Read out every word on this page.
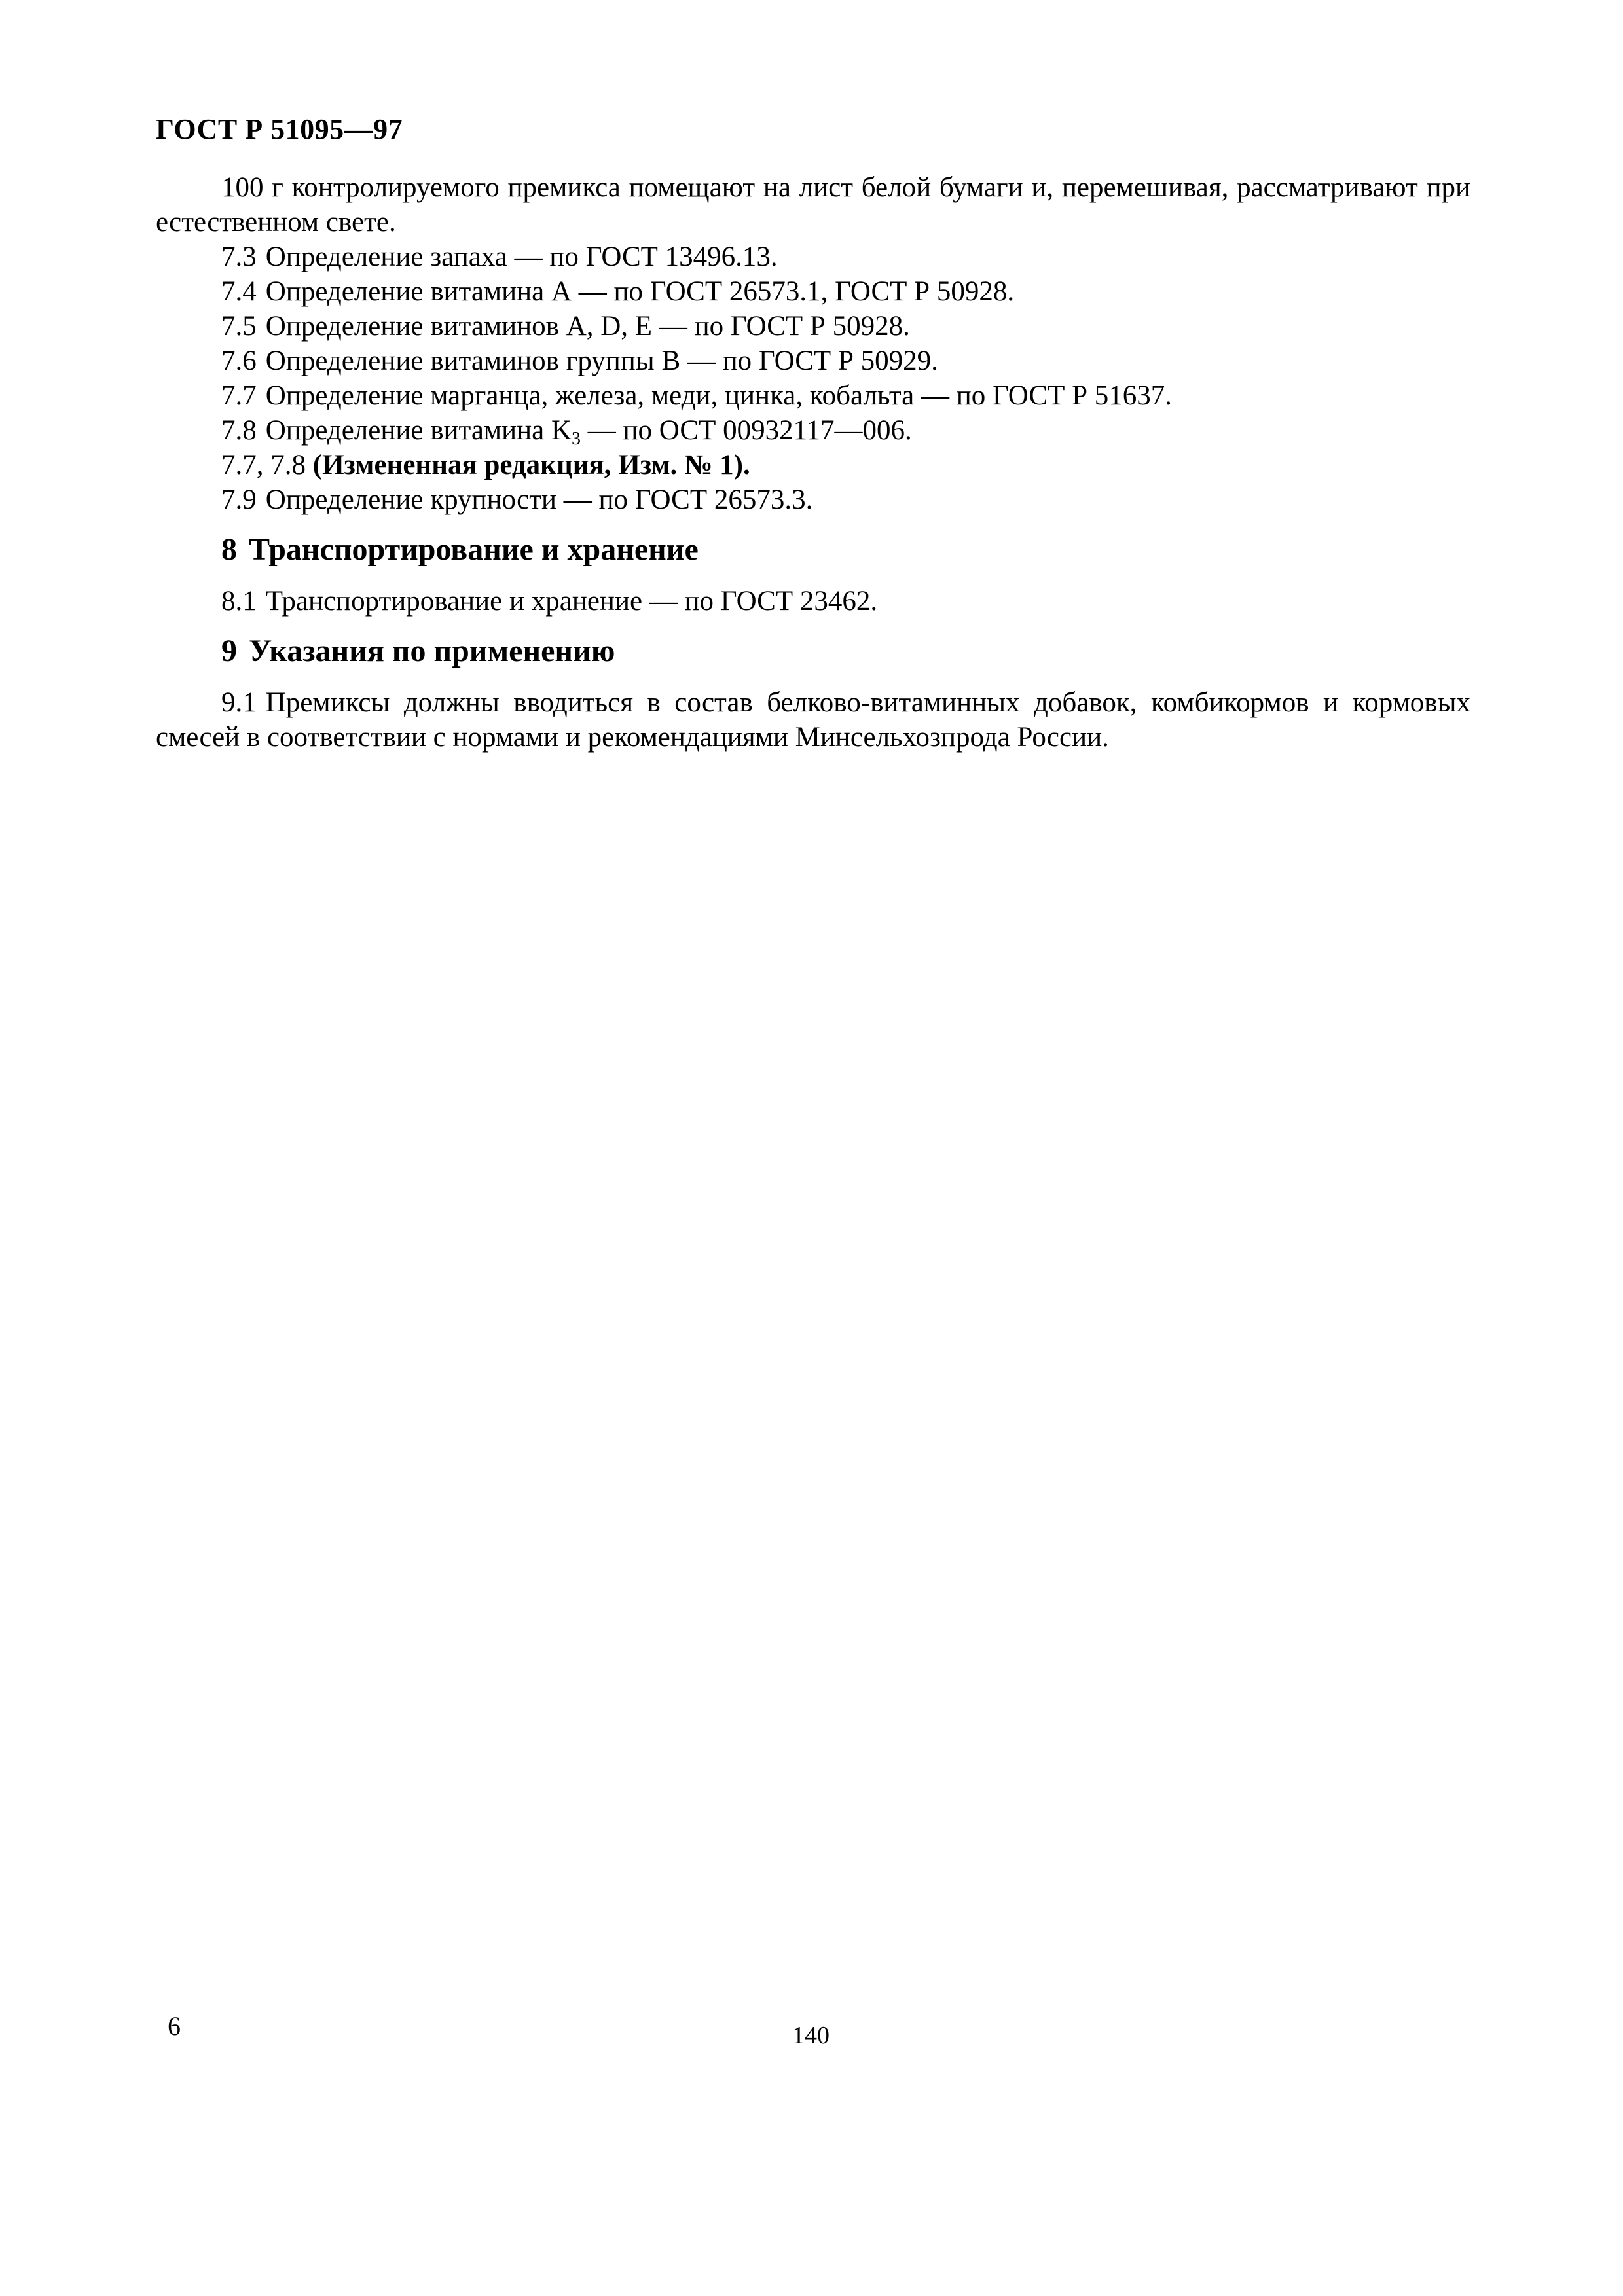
ГОСТ Р 51095—97

100 г контролируемого премикса помещают на лист белой бумаги и, перемешивая, рассматривают при естественном свете.

7.3 Определение запаха — по ГОСТ 13496.13.

7.4 Определение витамина А — по ГОСТ 26573.1, ГОСТ Р 50928.

7.5 Определение витаминов А, D, Е — по ГОСТ Р 50928.

7.6 Определение витаминов группы В — по ГОСТ Р 50929.

7.7 Определение марганца, железа, меди, цинка, кобальта — по ГОСТ Р 51637.

7.8 Определение витамина $K_3$ — по ОСТ 00932117—006.

7.7, 7.8 (Измененная редакция, Изм. № 1).

7.9 Определение крупности — по ГОСТ 26573.3.

8 Транспортирование и хранение

8.1 Транспортирование и хранение — по ГОСТ 23462.

9 Указания по применению

9.1 Премиксы должны вводиться в состав белково-витаминных добавок, комбикормов и кормовых смесей в соответствии с нормами и рекомендациями Минсельхозпрода России.

6	140
